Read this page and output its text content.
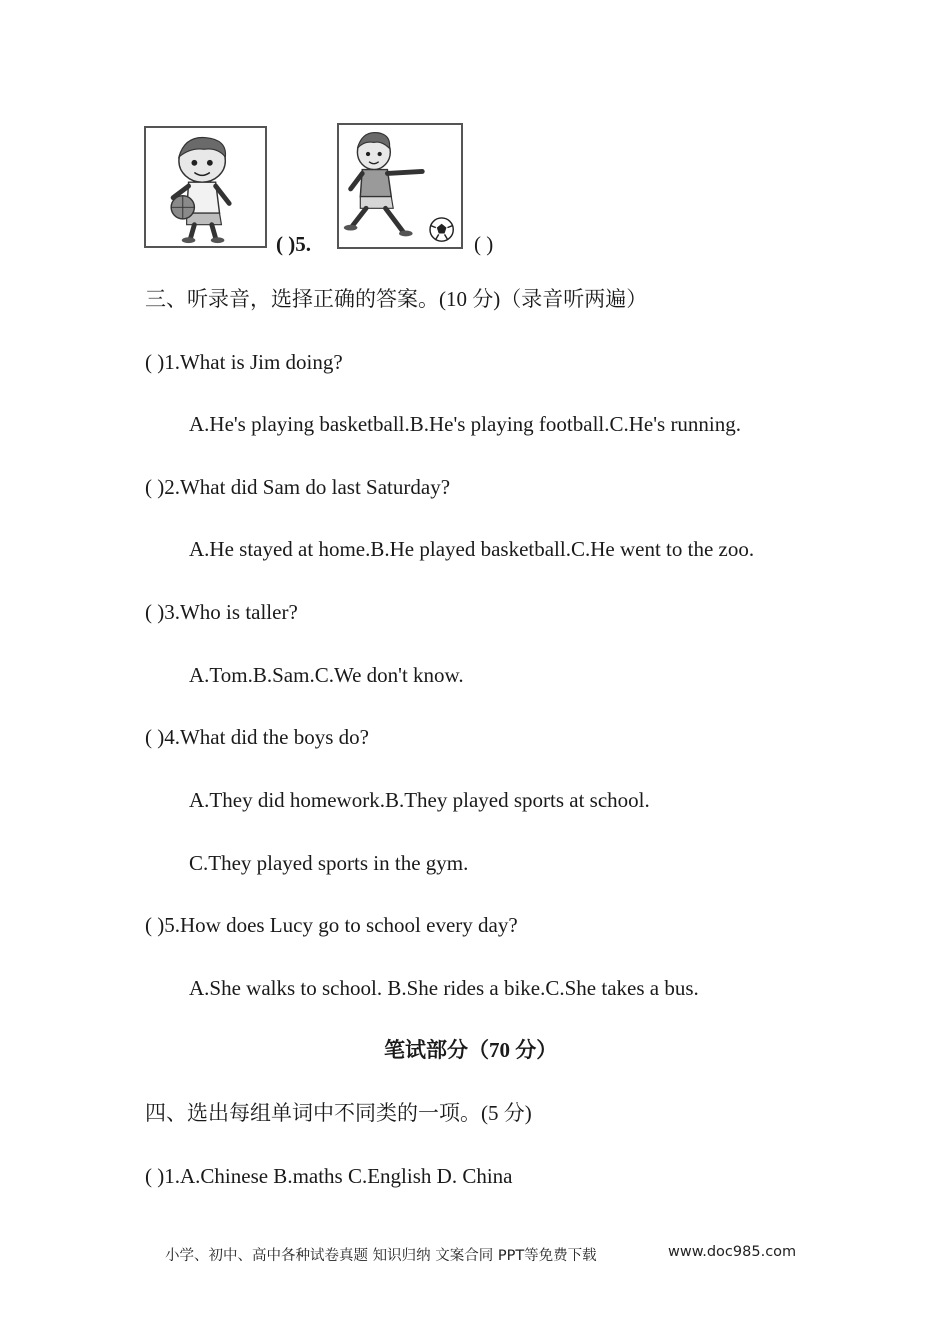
( )5.	( )
三、听录音，选择正确的答案。(10 分)（录音听两遍）
( )1.What is Jim doing?
A.He's playing basketball.B.He's playing football.C.He's running.
( )2.What did Sam do last Saturday?
A.He stayed at home.B.He played basketball.C.He went to the zoo.
( )3.Who is taller?
A.Tom.B.Sam.C.We don't know.
( )4.What did the boys do?
A.They did homework.B.They played sports at school.
C.They played sports in the gym.
( )5.How does Lucy go to school every day?
A.She walks to school. B.She rides a bike.C.She takes a bus.
笔试部分（70 分）
四、选出每组单词中不同类的一项。(5 分)
( )1.A.Chinese B.maths C.English D. China
小学、初中、高中各种试卷真题 知识归纳 文案合同 PPT等免费下载	www.doc985.com
